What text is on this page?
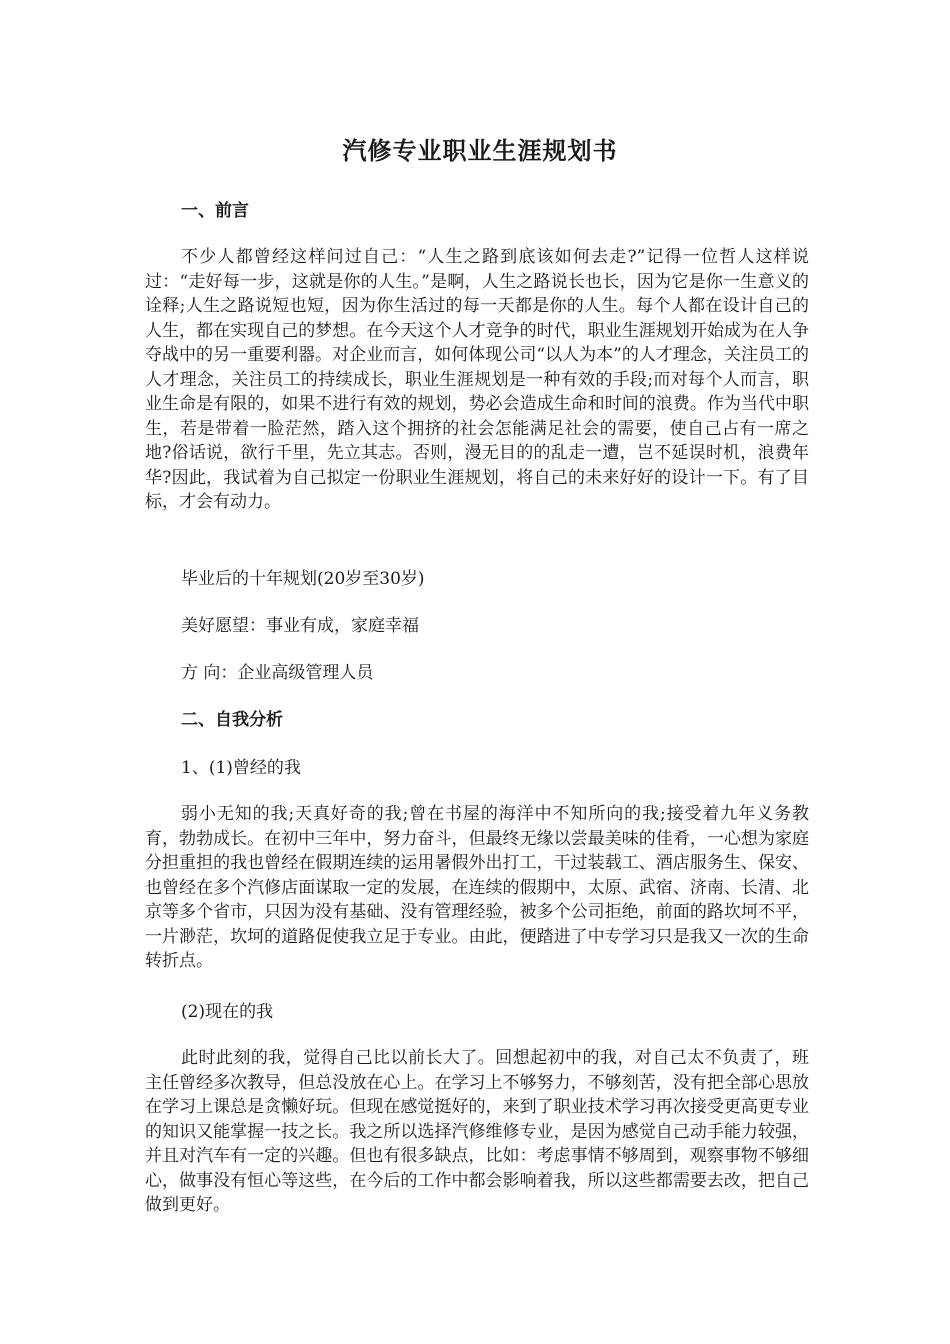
汽修专业职业生涯规划书
一、前言

不少人都曾经这样问过自己：“人生之路到底该如何去走?”记得一位哲人这样说过：“走好每一步，这就是你的人生。”是啊，人生之路说长也长，因为它是你一生意义的诠释;人生之路说短也短，因为你生活过的每一天都是你的人生。每个人都在设计自己的人生，都在实现自己的梦想。在今天这个人才竞争的时代，职业生涯规划开始成为在人争夺战中的另一重要利器。对企业而言，如何体现公司“以人为本”的人才理念，关注员工的人才理念，关注员工的持续成长，职业生涯规划是一种有效的手段;而对每个人而言，职业生命是有限的，如果不进行有效的规划，势必会造成生命和时间的浪费。作为当代中职生，若是带着一脸茫然，踏入这个拥挤的社会怎能满足社会的需要，使自己占有一席之地?俗话说，欲行千里，先立其志。否则，漫无目的的乱走一遭，岂不延误时机，浪费年华?因此，我试着为自己拟定一份职业生涯规划，将自己的未来好好的设计一下。有了目标，才会有动力。

毕业后的十年规划(20岁至30岁)
美好愿望：事业有成，家庭幸福
方 向：企业高级管理人员
二、自我分析
1、(1)曾经的我

弱小无知的我;天真好奇的我;曾在书屋的海洋中不知所向的我;接受着九年义务教育，勃勃成长。在初中三年中，努力奋斗，但最终无缘以尝最美味的佳肴，一心想为家庭分担重担的我也曾经在假期连续的运用暑假外出打工，干过装载工、酒店服务生、保安、也曾经在多个汽修店面谋取一定的发展，在连续的假期中，太原、武宿、济南、长清、北京等多个省市，只因为没有基础、没有管理经验，被多个公司拒绝，前面的路坎坷不平，一片渺茫，坎坷的道路促使我立足于专业。由此，便踏进了中专学习只是我又一次的生命转折点。

(2)现在的我

此时此刻的我，觉得自己比以前长大了。回想起初中的我，对自己太不负责了，班主任曾经多次教导，但总没放在心上。在学习上不够努力，不够刻苦，没有把全部心思放在学习上课总是贪懒好玩。但现在感觉挺好的，来到了职业技术学习再次接受更高更专业的知识又能掌握一技之长。我之所以选择汽修维修专业，是因为感觉自己动手能力较强，并且对汽车有一定的兴趣。但也有很多缺点，比如：考虑事情不够周到，观察事物不够细心，做事没有恒心等这些，在今后的工作中都会影响着我，所以这些都需要去改，把自己做到更好。
